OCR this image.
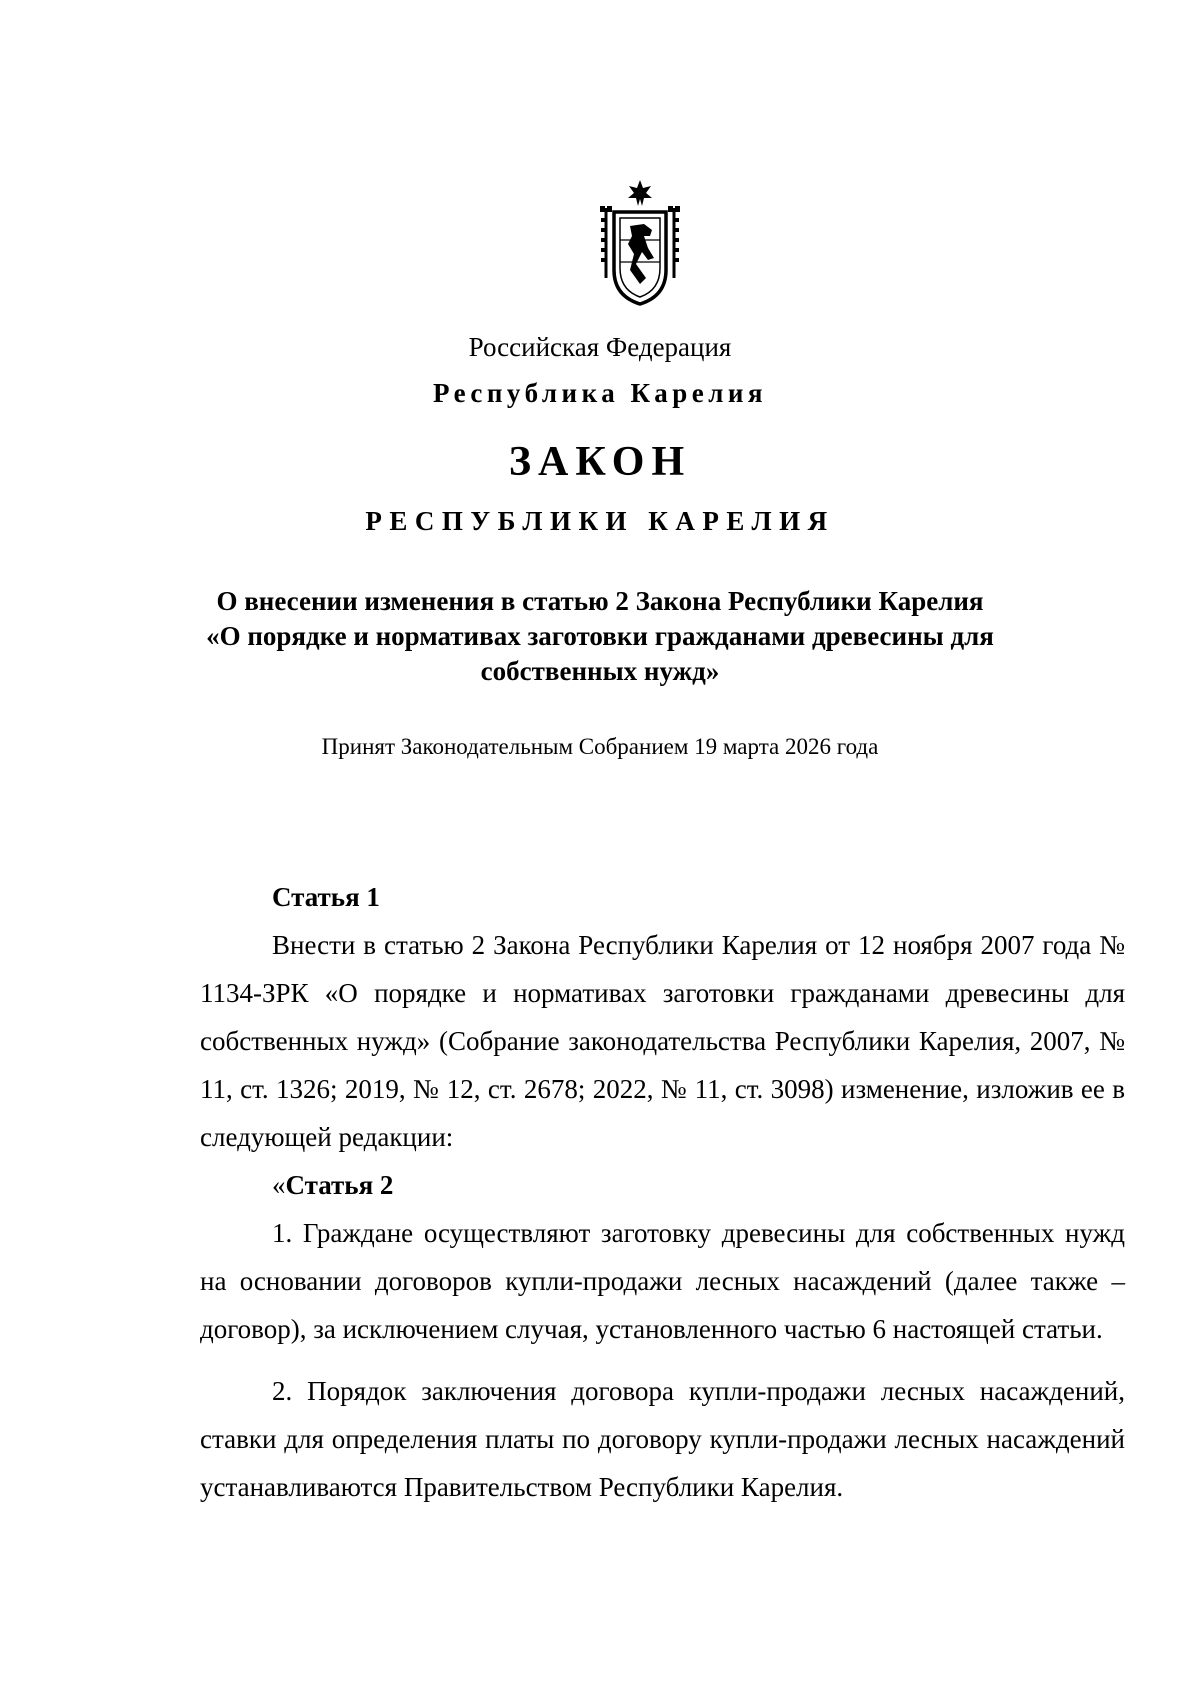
Российская Федерация
Республика Карелия
ЗАКОН
РЕСПУБЛИКИ КАРЕЛИЯ
О внесении изменения в статью 2 Закона Республики Карелия
«О порядке и нормативах заготовки гражданами древесины для
собственных нужд»
Принят Законодательным Собранием 19 марта 2026 года

Статья 1

Внести в статью 2 Закона Республики Карелия от 12 ноября 2007 года № 1134-ЗРК «О порядке и нормативах заготовки гражданами древесины для собственных нужд» (Собрание законодательства Республики Карелия, 2007, № 11, ст. 1326; 2019, № 12, ст. 2678; 2022, № 11, ст. 3098) изменение, изложив ее в следующей редакции:

«Статья 2

1. Граждане осуществляют заготовку древесины для собственных нужд на основании договоров купли-продажи лесных насаждений (далее также – договор), за исключением случая, установленного частью 6 настоящей статьи.

2. Порядок заключения договора купли-продажи лесных насаждений, ставки для определения платы по договору купли-продажи лесных насаждений устанавливаются Правительством Республики Карелия.
